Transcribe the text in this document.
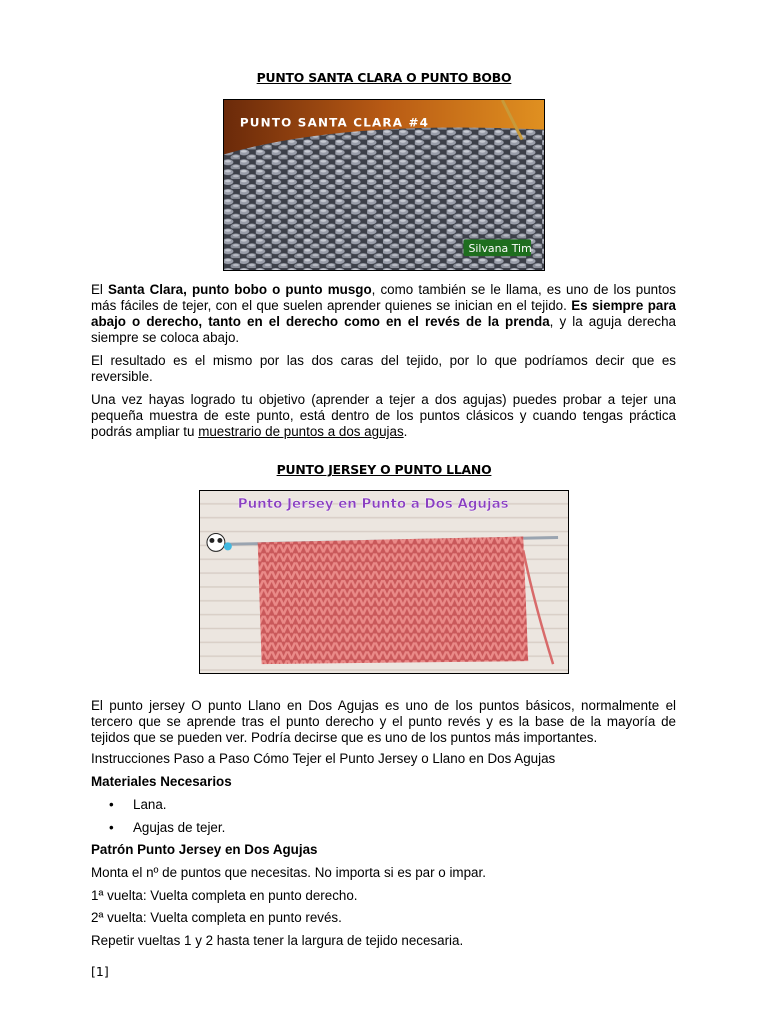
PUNTO SANTA CLARA O PUNTO BOBO
PUNTO SANTA CLARA #4
Silvana Tim

El Santa Clara, punto bobo o punto musgo, como también se le llama, es uno de los puntos más fáciles de tejer, con el que suelen aprender quienes se inician en el tejido. Es siempre para abajo o derecho, tanto en el derecho como en el revés de la prenda, y la aguja derecha siempre se coloca abajo.

El resultado es el mismo por las dos caras del tejido, por lo que podríamos decir que es reversible.

Una vez hayas logrado tu objetivo (aprender a tejer a dos agujas) puedes probar a tejer una pequeña muestra de este punto, está dentro de los puntos clásicos y cuando tengas práctica podrás ampliar tu muestrario de puntos a dos agujas.

PUNTO JERSEY O PUNTO LLANO
Punto Jersey en Punto a Dos Agujas

El punto jersey O punto Llano en Dos Agujas es uno de los puntos básicos, normalmente el tercero que se aprende tras el punto derecho y el punto revés y es la base de la mayoría de tejidos que se pueden ver. Podría decirse que es uno de los puntos más importantes.

Instrucciones Paso a Paso Cómo Tejer el Punto Jersey o Llano en Dos Agujas
Materiales Necesarios
• Lana.
• Agujas de tejer.
Patrón Punto Jersey en Dos Agujas
Monta el nº de puntos que necesitas. No importa si es par o impar.
1ª vuelta: Vuelta completa en punto derecho.
2ª vuelta: Vuelta completa en punto revés.
Repetir vueltas 1 y 2 hasta tener la largura de tejido necesaria.
[1]
